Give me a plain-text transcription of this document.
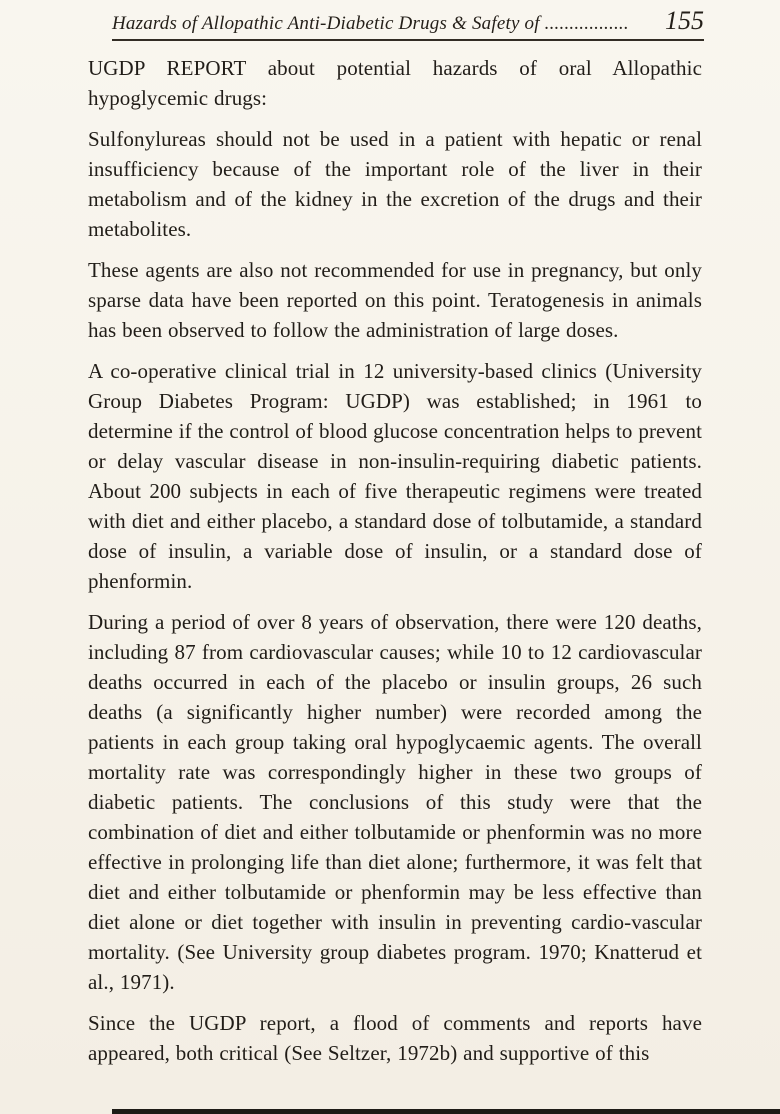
Hazards of Allopathic Anti-Diabetic Drugs & Safety of .................	155

UGDP REPORT about potential hazards of oral Allopathic hypoglycemic drugs:

Sulfonylureas should not be used in a patient with hepatic or renal insufficiency because of the important role of the liver in their metabolism and of the kidney in the excretion of the drugs and their metabolites.

These agents are also not recommended for use in pregnancy, but only sparse data have been reported on this point. Teratogenesis in animals has been observed to follow the administration of large doses.

A co-operative clinical trial in 12 university-based clinics (University Group Diabetes Program: UGDP) was established; in 1961 to determine if the control of blood glucose concentration helps to prevent or delay vascular disease in non-insulin-requiring diabetic patients. About 200 subjects in each of five therapeutic regimens were treated with diet and either placebo, a standard dose of tolbutamide, a standard dose of insulin, a variable dose of insulin, or a standard dose of phenformin.

During a period of over 8 years of observation, there were 120 deaths, including 87 from cardiovascular causes; while 10 to 12 cardiovascular deaths occurred in each of the placebo or insulin groups, 26 such deaths (a significantly higher number) were recorded among the patients in each group taking oral hypoglycaemic agents. The overall mortality rate was correspondingly higher in these two groups of diabetic patients. The conclusions of this study were that the combination of diet and either tolbutamide or phenformin was no more effective in prolonging life than diet alone; furthermore, it was felt that diet and either tolbutamide or phenformin may be less effective than diet alone or diet together with insulin in preventing cardio-vascular mortality. (See University group diabetes program. 1970; Knatterud et al., 1971).

Since the UGDP report, a flood of comments and reports have appeared, both critical (See Seltzer, 1972b) and supportive of this
